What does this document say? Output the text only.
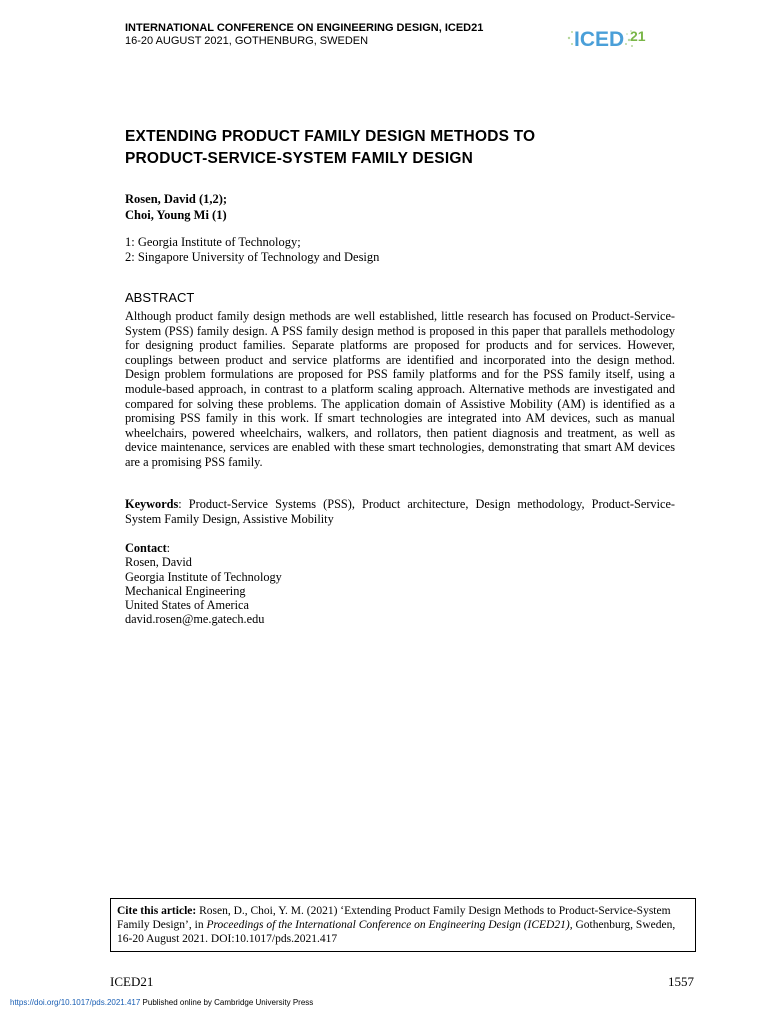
INTERNATIONAL CONFERENCE ON ENGINEERING DESIGN, ICED21
16-20 AUGUST 2021, GOTHENBURG, SWEDEN	ICED 21
EXTENDING PRODUCT FAMILY DESIGN METHODS TO
PRODUCT-SERVICE-SYSTEM FAMILY DESIGN
Rosen, David (1,2);
Choi, Young Mi (1)
1: Georgia Institute of Technology;
2: Singapore University of Technology and Design
ABSTRACT
Although product family design methods are well established, little research has focused on Product-Service-System (PSS) family design. A PSS family design method is proposed in this paper that parallels methodology for designing product families. Separate platforms are proposed for products and for services. However, couplings between product and service platforms are identified and incorporated into the design method. Design problem formulations are proposed for PSS family platforms and for the PSS family itself, using a module-based approach, in contrast to a platform scaling approach. Alternative methods are investigated and compared for solving these problems. The application domain of Assistive Mobility (AM) is identified as a promising PSS family in this work. If smart technologies are integrated into AM devices, such as manual wheelchairs, powered wheelchairs, walkers, and rollators, then patient diagnosis and treatment, as well as device maintenance, services are enabled with these smart technologies, demonstrating that smart AM devices are a promising PSS family.
Keywords: Product-Service Systems (PSS), Product architecture, Design methodology, Product-Service-System Family Design, Assistive Mobility
Contact:
Rosen, David
Georgia Institute of Technology
Mechanical Engineering
United States of America
david.rosen@me.gatech.edu
Cite this article: Rosen, D., Choi, Y. M. (2021) ‘Extending Product Family Design Methods to Product-Service-System Family Design’, in Proceedings of the International Conference on Engineering Design (ICED21), Gothenburg, Sweden, 16-20 August 2021. DOI:10.1017/pds.2021.417
ICED21	1557
https://doi.org/10.1017/pds.2021.417 Published online by Cambridge University Press
